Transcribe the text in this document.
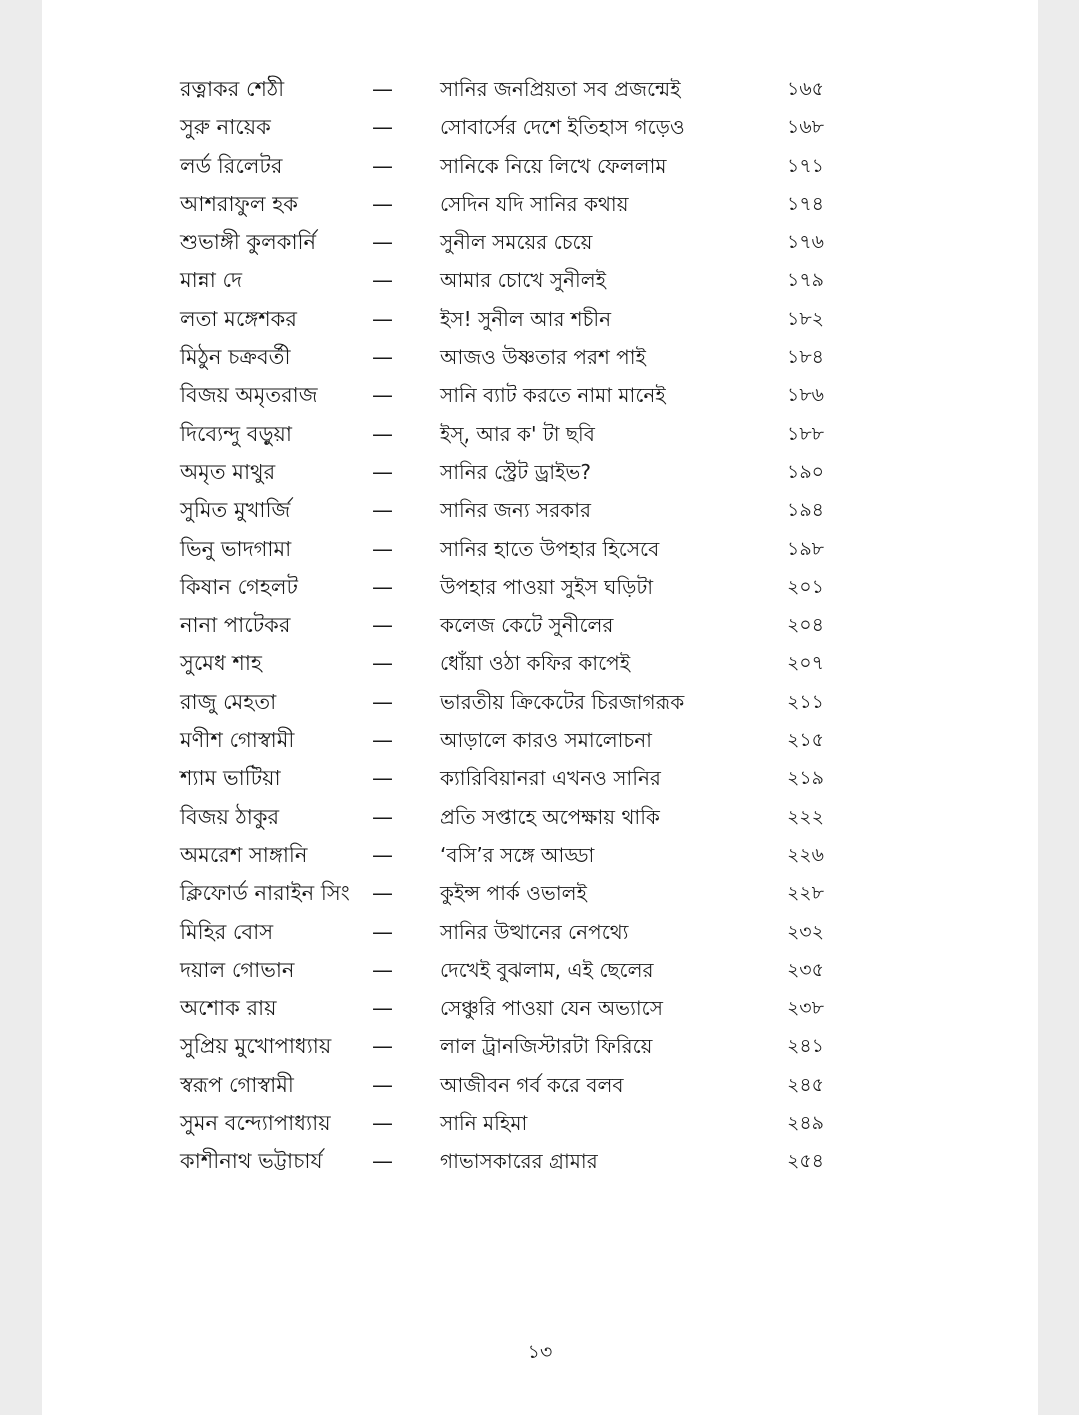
রত্নাকর শেঠী	— সানির জনপ্রিয়তা সব প্রজন্মেই	১৬৫
সুরু নায়েক	— সোবার্সের দেশে ইতিহাস গড়েও	১৬৮
লর্ড রিলেটর	— সানিকে নিয়ে লিখে ফেললাম	১৭১
আশরাফুল হক	— সেদিন যদি সানির কথায়	১৭৪
শুভাঙ্গী কুলকার্নি	— সুনীল সময়ের চেয়ে	১৭৬
মান্না দে	— আমার চোখে সুনীলই	১৭৯
লতা মঙ্গেশকর	— ইস! সুনীল আর শচীন	১৮২
মিঠুন চক্রবর্তী	— আজও উষ্ণতার পরশ পাই	১৮৪
বিজয় অমৃতরাজ	— সানি ব্যাট করতে নামা মানেই	১৮৬
দিব্যেন্দু বড়ুয়া	— ইস্, আর ক' টা ছবি	১৮৮
অমৃত মাথুর	— সানির স্ট্রেট ড্রাইভ?	১৯০
সুমিত মুখার্জি	— সানির জন্য সরকার	১৯৪
ভিনু ভাদগামা	— সানির হাতে উপহার হিসেবে	১৯৮
কিষান গেহলট	— উপহার পাওয়া সুইস ঘড়িটা	২০১
নানা পাটেকর	— কলেজ কেটে সুনীলের	২০৪
সুমেধ শাহ	— ধোঁয়া ওঠা কফির কাপেই	২০৭
রাজু মেহতা	— ভারতীয় ক্রিকেটের চিরজাগরূক	২১১
মণীশ গোস্বামী	— আড়ালে কারও সমালোচনা	২১৫
শ্যাম ভাটিয়া	— ক্যারিবিয়ানরা এখনও সানির	২১৯
বিজয় ঠাকুর	— প্রতি সপ্তাহে অপেক্ষায় থাকি	২২২
অমরেশ সাঙ্গানি	— ‘বসি’র সঙ্গে আড্ডা	২২৬
ক্লিফোর্ড নারাইন সিং — কুইন্স পার্ক ওভালই	২২৮
মিহির বোস	— সানির উত্থানের নেপথ্যে	২৩২
দয়াল গোভান	— দেখেই বুঝলাম, এই ছেলের	২৩৫
অশোক রায়	— সেঞ্চুরি পাওয়া যেন অভ্যাসে	২৩৮
সুপ্রিয় মুখোপাধ্যায় — লাল ট্রানজিস্টারটা ফিরিয়ে	২৪১
স্বরূপ গোস্বামী	— আজীবন গর্ব করে বলব	২৪৫
সুমন বন্দ্যোপাধ্যায় — সানি মহিমা	২৪৯
কাশীনাথ ভট্টাচার্য — গাভাসকারের গ্রামার	২৫৪
১৩
